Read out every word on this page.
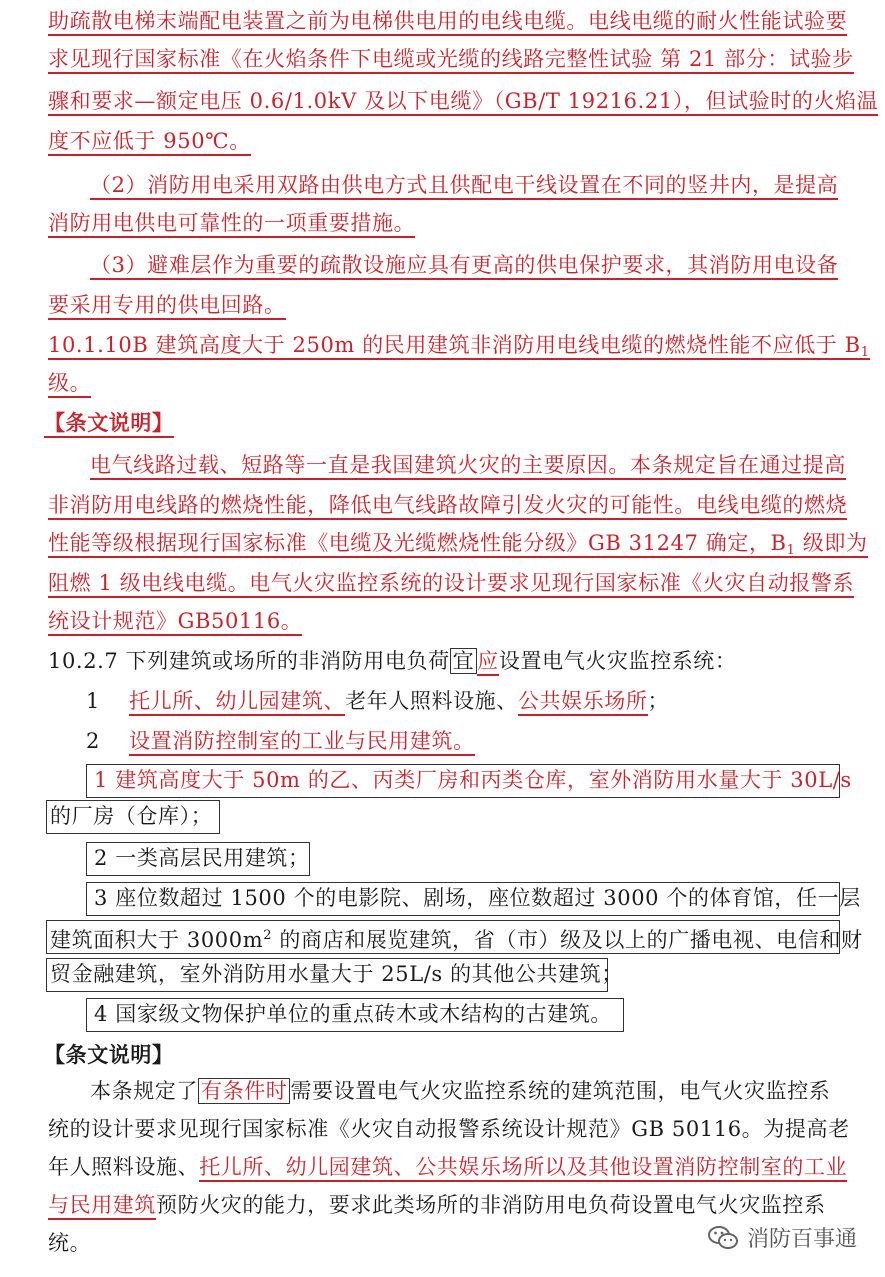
助疏散电梯末端配电装置之前为电梯供电用的电线电缆。电线电缆的耐火性能试验要
求见现行国家标准《在火焰条件下电缆或光缆的线路完整性试验 第 21 部分：试验步
骤和要求—额定电压 0.6/1.0kV 及以下电缆》（GB/T 19216.21），但试验时的火焰温
度不应低于 950℃。
（2）消防用电采用双路由供电方式且供配电干线设置在不同的竖井内，是提高
消防用电供电可靠性的一项重要措施。
（3）避难层作为重要的疏散设施应具有更高的供电保护要求，其消防用电设备
要采用专用的供电回路。
10.1.10B 建筑高度大于 250m 的民用建筑非消防用电线电缆的燃烧性能不应低于 $B_1$
级。
【条文说明】
电气线路过载、短路等一直是我国建筑火灾的主要原因。本条规定旨在通过提高
非消防用电线路的燃烧性能，降低电气线路故障引发火灾的可能性。电线电缆的燃烧
性能等级根据现行国家标准《电缆及光缆燃烧性能分级》GB 31247 确定，$B_1$ 级即为
阻燃 1 级电线电缆。电气火灾监控系统的设计要求见现行国家标准《火灾自动报警系
统设计规范》GB50116。
10.2.7 下列建筑或场所的非消防用电负荷 宜 应设置电气火灾监控系统：
1 托儿所、幼儿园建筑、老年人照料设施、公共娱乐场所；
2 设置消防控制室的工业与民用建筑。
1 建筑高度大于 50m 的乙、丙类厂房和丙类仓库，室外消防用水量大于 30L/s
的厂房（仓库）；
2 一类高层民用建筑；
3 座位数超过 1500 个的电影院、剧场，座位数超过 3000 个的体育馆，任一层
建筑面积大于 $3000m^2$ 的商店和展览建筑，省（市）级及以上的广播电视、电信和财
贸金融建筑，室外消防用水量大于 25L/s 的其他公共建筑；
4 国家级文物保护单位的重点砖木或木结构的古建筑。
【条文说明】
本条规定了 有条件时 需要设置电气火灾监控系统的建筑范围，电气火灾监控系
统的设计要求见现行国家标准《火灾自动报警系统设计规范》GB 50116。为提高老
年人照料设施、托儿所、幼儿园建筑、公共娱乐场所以及其他设置消防控制室的工业
与民用建筑预防火灾的能力，要求此类场所的非消防用电负荷设置电气火灾监控系
统。	消防百事通
